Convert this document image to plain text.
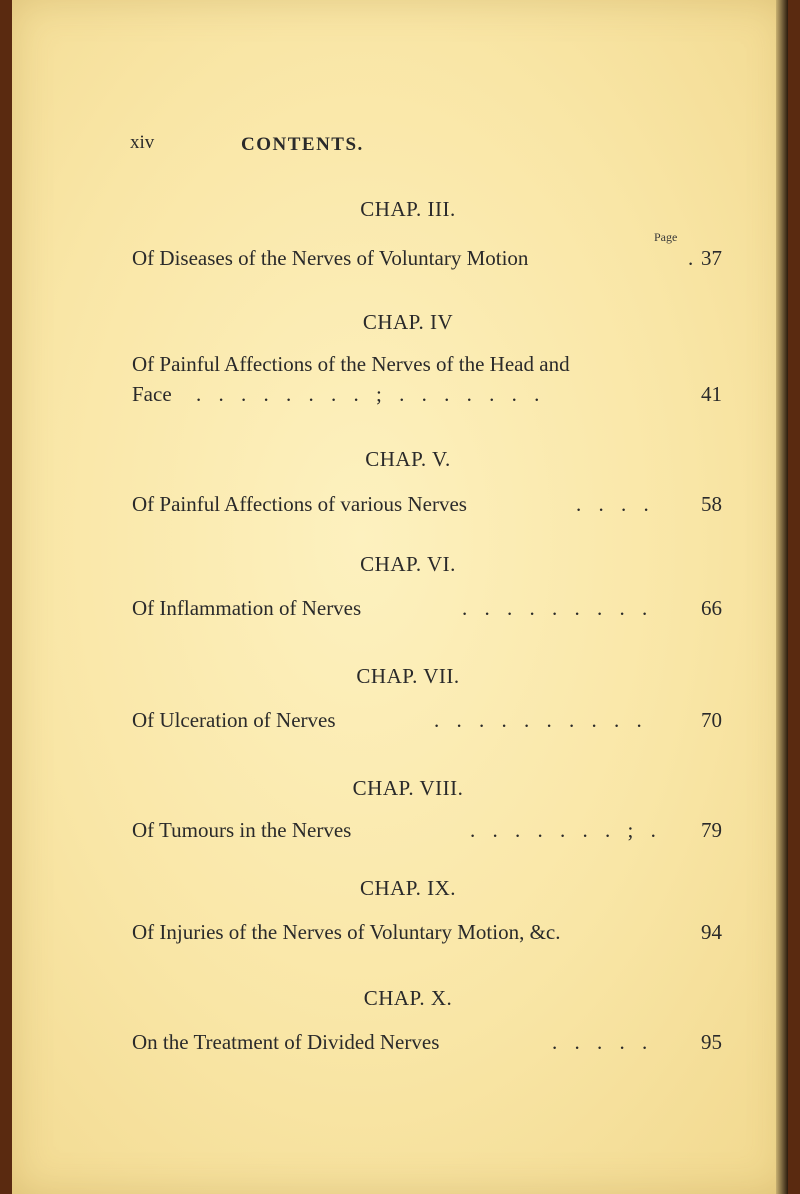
xiv	CONTENTS.
CHAP. III.
Page
Of Diseases of the Nerves of Voluntary Motion	. 37
CHAP. IV
Of Painful Affections of the Nerves of the Head and
Face . . . . . . . . ; . . . . . . .	41
CHAP. V.
Of Painful Affections of various Nerves	. . . . 58
CHAP. VI.
Of Inflammation of Nerves	. . . . . . . . . 66
CHAP. VII.
Of Ulceration of Nerves	. . . . . . . . . .	70
CHAP. VIII.
Of Tumours in the Nerves	. . . . . . . ; . 79
CHAP. IX.
Of Injuries of the Nerves of Voluntary Motion, &c.	94
CHAP. X.
On the Treatment of Divided Nerves	. . . . . 95
